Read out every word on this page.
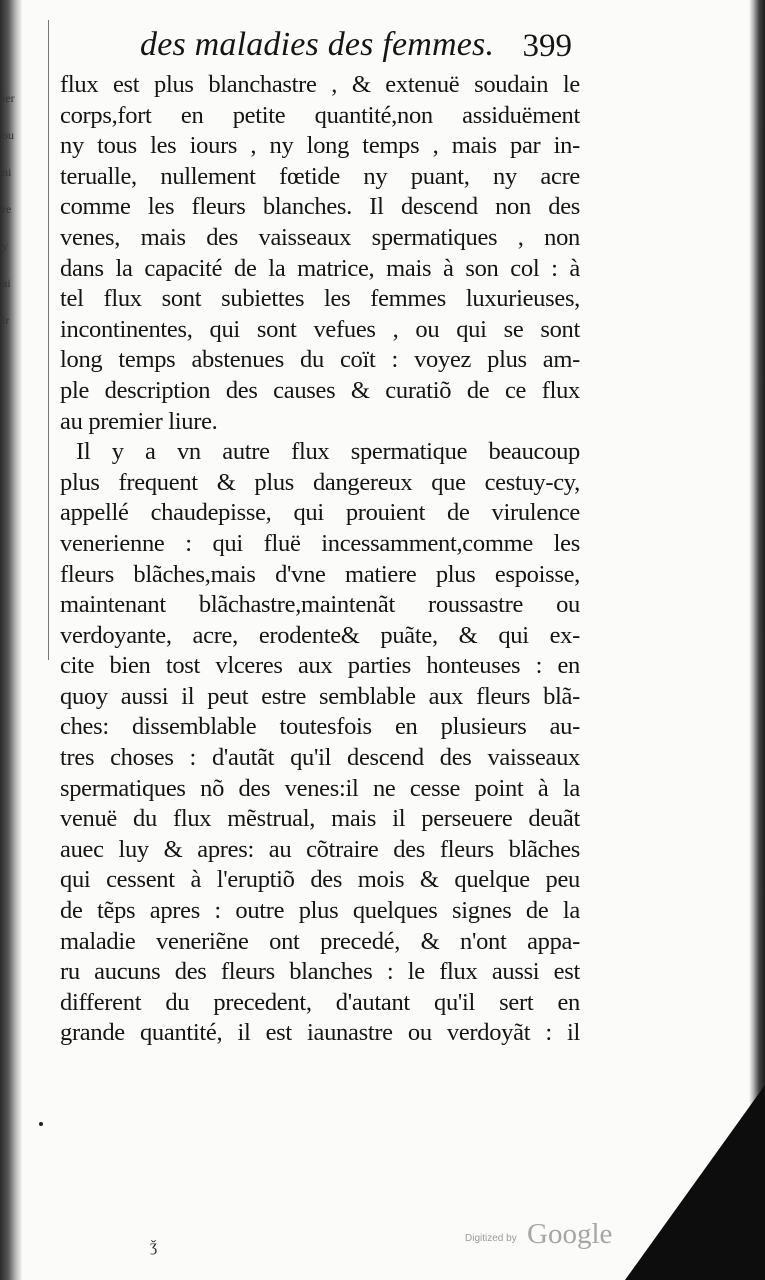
ier
ou
ni
re
y
ai
ir
des maladies des femmes. 399
flux est plus blanchastre , & extenuë soudain le
corps,fort en petite quantité,non assiduëment
ny tous les iours , ny long temps , mais par in-
terualle, nullement fœtide ny puant, ny acre
comme les fleurs blanches. Il descend non des
venes, mais des vaisseaux spermatiques , non
dans la capacité de la matrice, mais à son col : à
tel flux sont subiettes les femmes luxurieuses,
incontinentes, qui sont vefues , ou qui se sont
long temps abstenues du coït : voyez plus am-
ple description des causes & curatiõ de ce flux
au premier liure.
Il y a vn autre flux spermatique beaucoup
plus frequent & plus dangereux que cestuy-cy,
appellé chaudepisse, qui prouient de virulence
venerienne : qui fluë incessamment,comme les
fleurs blãches,mais d'vne matiere plus espoisse,
maintenant blãchastre,maintenãt roussastre ou
verdoyante, acre, erodente& puãte, & qui ex-
cite bien tost vlceres aux parties honteuses : en
quoy aussi il peut estre semblable aux fleurs blã-
ches: dissemblable toutesfois en plusieurs au-
tres choses : d'autãt qu'il descend des vaisseaux
spermatiques nõ des venes:il ne cesse point à la
venuë du flux mẽstrual, mais il perseuere deuãt
auec luy & apres: au cõtraire des fleurs blãches
qui cessent à l'eruptiõ des mois & quelque peu
de tẽps apres : outre plus quelques signes de la
maladie veneriẽne ont precedé, & n'ont appa-
ru aucuns des fleurs blanches : le flux aussi est
different du precedent, d'autant qu'il sert en
grande quantité, il est iaunastre ou verdoyãt : il
Digitized by Google
ǯ
